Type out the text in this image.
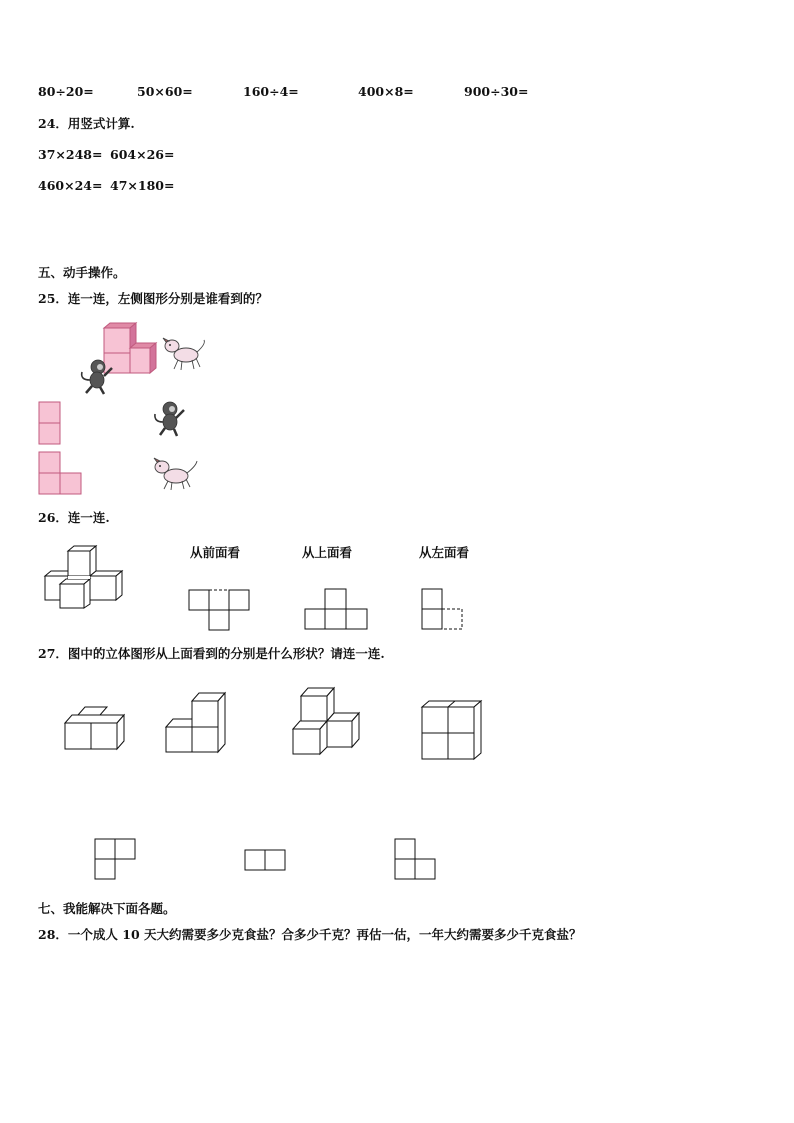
80÷20=	50×60=	160÷4=	400×8=	900÷30=
24．用竖式计算.
37×248= 604×26=
460×24= 47×180=
五、动手操作。
25．连一连，左侧图形分别是谁看到的？
26．连一连.
从前面看	从上面看	从左面看
27．图中的立体图形从上面看到的分别是什么形状？请连一连.
七、我能解决下面各题。
28．一个成人 10 天大约需要多少克食盐？合多少千克？再估一估，一年大约需要多少千克食盐？
